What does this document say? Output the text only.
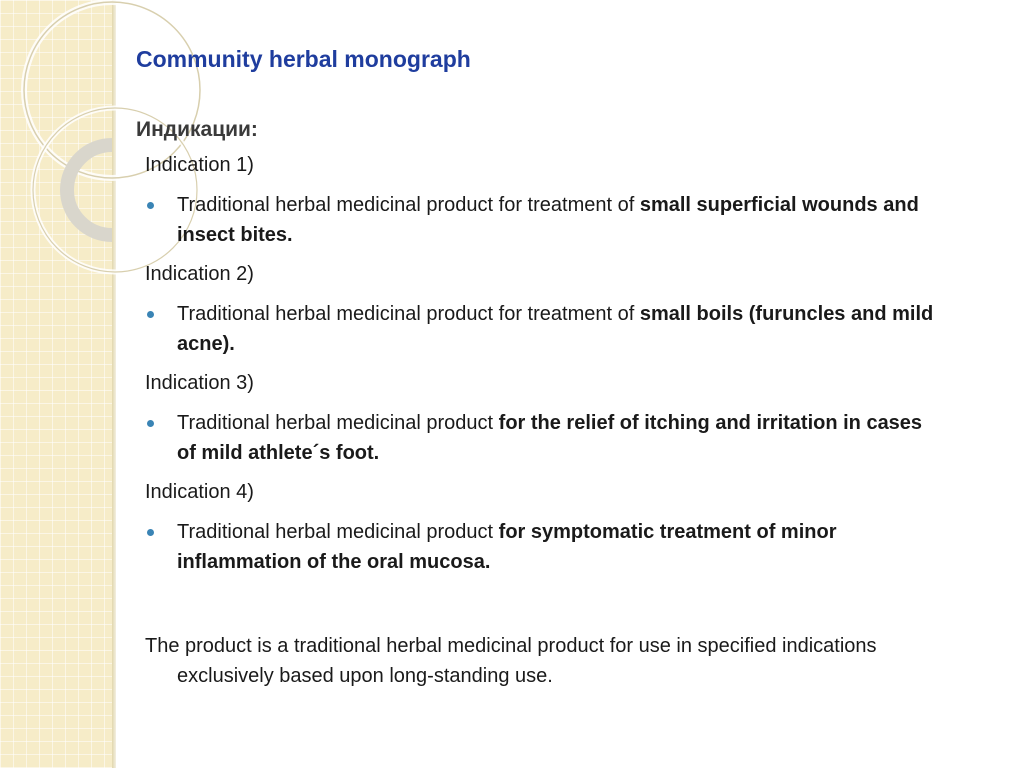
Community herbal monograph
Индикации:

Indication 1)

Traditional herbal medicinal product for treatment of small superficial wounds and insect bites.

Indication 2)

Traditional herbal medicinal product for treatment of small boils (furuncles and mild acne).

Indication 3)

Traditional herbal medicinal product for the relief of itching and irritation in cases of mild athlete´s foot.

Indication 4)

Traditional herbal medicinal product for symptomatic treatment of minor inflammation of the oral mucosa.

The product is a traditional herbal medicinal product for use in specified indications exclusively based upon long-standing use.
